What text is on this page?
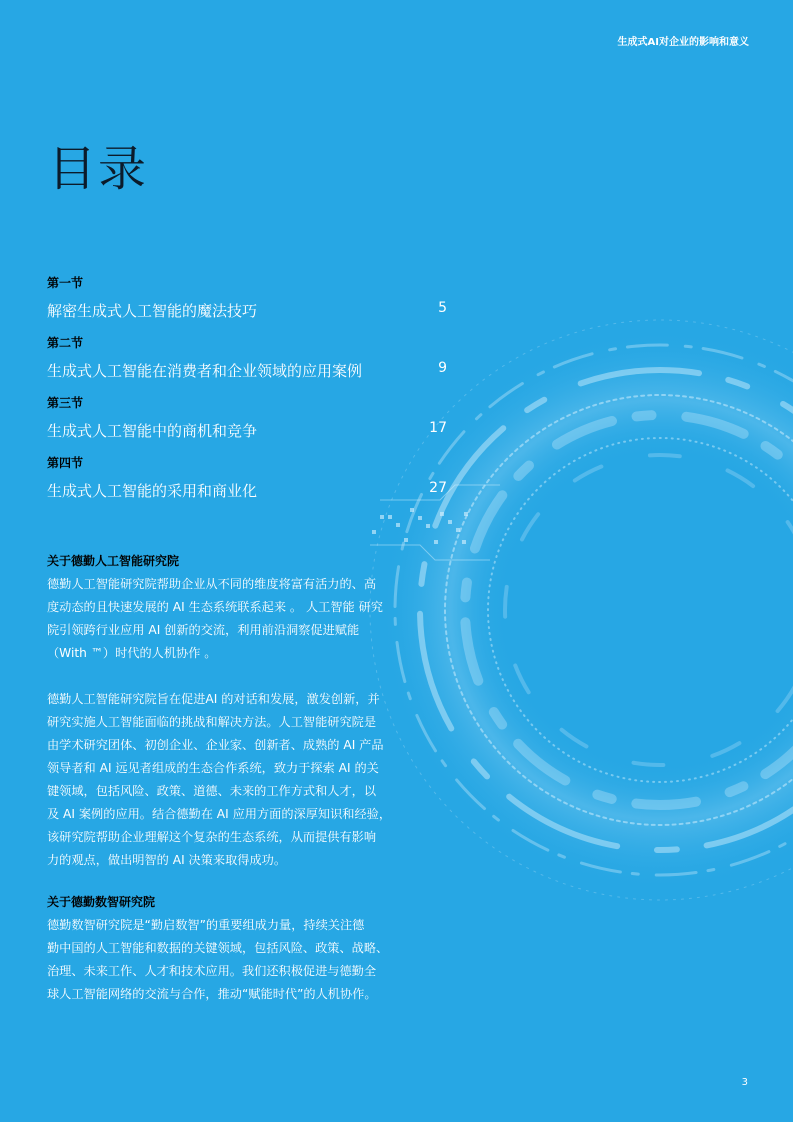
生成式AI对企业的影响和意义
目录
第一节
解密生成式人工智能的魔法技巧	5
第二节
生成式人工智能在消费者和企业领域的应用案例	9
第三节
生成式人工智能中的商机和竞争	17
第四节
生成式人工智能的采用和商业化	27
关于德勤人工智能研究院
德勤人工智能研究院帮助企业从不同的维度将富有活力的、高
度动态的且快速发展的 AI 生态系统联系起来 。 人工智能 研究
院引领跨行业应用 AI 创新的交流，利用前沿洞察促进赋能
（With ™）时代的人机协作 。
德勤人工智能研究院旨在促进AI 的对话和发展，激发创新，并
研究实施人工智能面临的挑战和解决方法。人工智能研究院是
由学术研究团体、初创企业、企业家、创新者、成熟的 AI 产品
领导者和 AI 远见者组成的生态合作系统，致力于探索 AI 的关
键领域，包括风险、政策、道德、未来的工作方式和人才，以
及 AI 案例的应用。结合德勤在 AI 应用方面的深厚知识和经验，
该研究院帮助企业理解这个复杂的生态系统，从而提供有影响
力的观点，做出明智的 AI 决策来取得成功。
关于德勤数智研究院
德勤数智研究院是“勤启数智”的重要组成力量，持续关注德
勤中国的人工智能和数据的关键领域，包括风险、政策、战略、
治理、未来工作、人才和技术应用。我们还积极促进与德勤全
球人工智能网络的交流与合作，推动“赋能时代”的人机协作。
3
